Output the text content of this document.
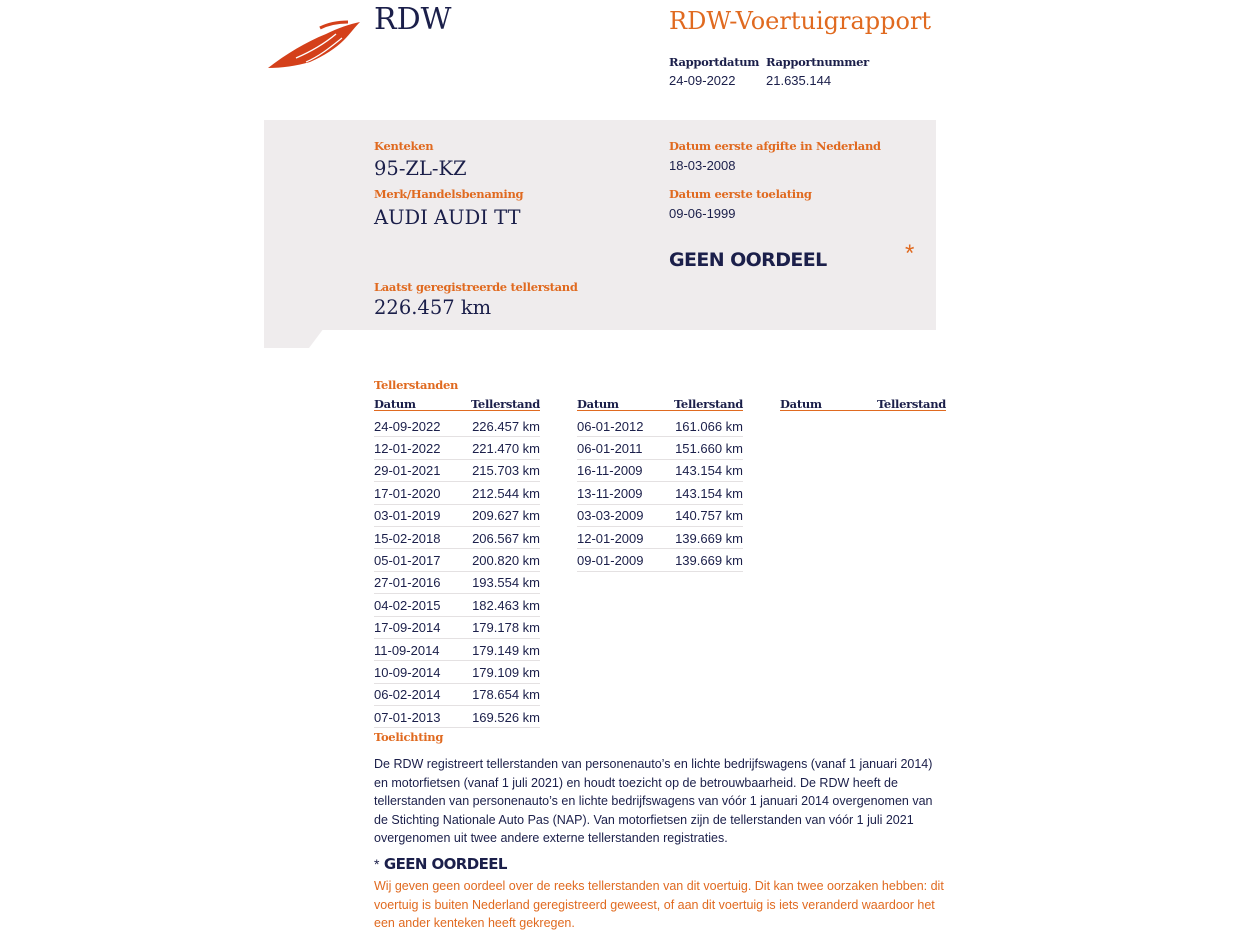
RDW	RDW-Voertuigrapport
Rapportdatum
24-09-2022
Rapportnummer
21.635.144
Kenteken
95-ZL-KZ
Merk/Handelsbenaming
AUDI AUDI TT
Datum eerste afgifte in Nederland
18-03-2008
Datum eerste toelating
09-06-1999
GEEN OORDEEL	*
Laatst geregistreerde tellerstand
226.457 km
Tellerstanden
Datum	Tellerstand
24-09-2022 226.457 km
12-01-2022 221.470 km
29-01-2021 215.703 km
17-01-2020 212.544 km
03-01-2019 209.627 km
15-02-2018 206.567 km
05-01-2017 200.820 km
27-01-2016 193.554 km
04-02-2015 182.463 km
17-09-2014 179.178 km
11-09-2014	179.149 km
10-09-2014 179.109 km
06-02-2014 178.654 km
07-01-2013 169.526 km
Datum	Tellerstand
06-01-2012 161.066 km
06-01-2011	151.660 km
16-11-2009	143.154 km
13-11-2009	143.154 km
03-03-2009 140.757 km
12-01-2009 139.669 km
09-01-2009 139.669 km
Datum	Tellerstand
Toelichting
De RDW registreert tellerstanden van personenauto’s en lichte bedrijfswagens (vanaf 1 januari 2014) en motorfietsen (vanaf 1 juli 2021) en houdt toezicht op de betrouwbaarheid. De RDW heeft de tellerstanden van personenauto’s en lichte bedrijfswagens van vóór 1 januari 2014 overgenomen van de Stichting Nationale Auto Pas (NAP). Van motorfietsen zijn de tellerstanden van vóór 1 juli 2021 overgenomen uit twee andere externe tellerstanden registraties.
* GEEN OORDEEL
Wij geven geen oordeel over de reeks tellerstanden van dit voertuig. Dit kan twee oorzaken hebben: dit voertuig is buiten Nederland geregistreerd geweest, of aan dit voertuig is iets veranderd waardoor het een ander kenteken heeft gekregen.
